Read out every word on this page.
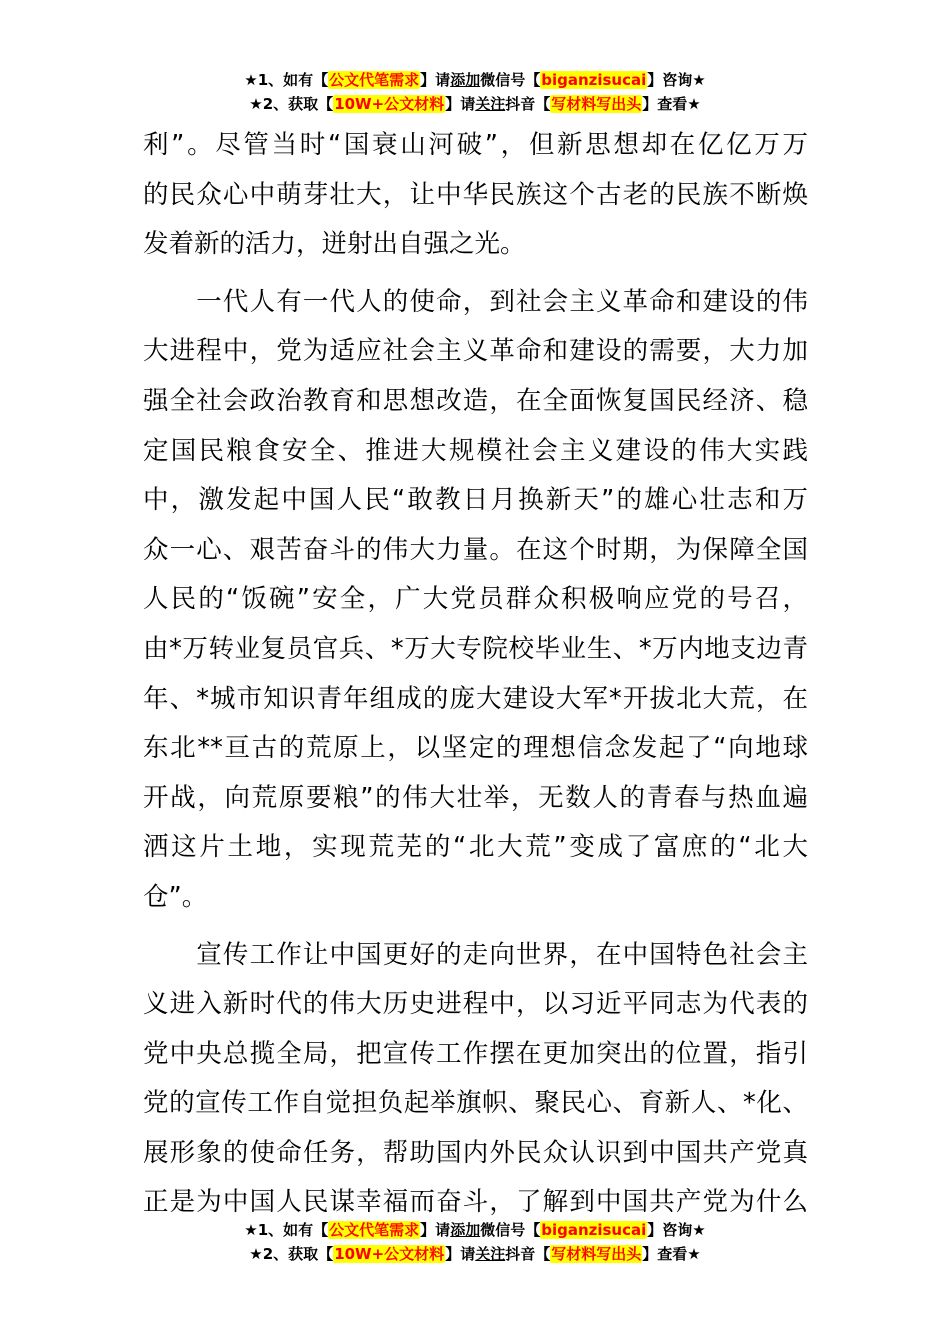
★1、如有【公文代笔需求】请添加微信号【biganzisucai】咨询★
★2、获取【10W+公文材料】请关注抖音【写材料写出头】查看★
利”。尽管当时“国衰山河破”，但新思想却在亿亿万万
的民众心中萌芽壮大，让中华民族这个古老的民族不断焕
发着新的活力，迸射出自强之光。
　　一代人有一代人的使命，到社会主义革命和建设的伟
大进程中，党为适应社会主义革命和建设的需要，大力加
强全社会政治教育和思想改造，在全面恢复国民经济、稳
定国民粮食安全、推进大规模社会主义建设的伟大实践
中，激发起中国人民“敢教日月换新天”的雄心壮志和万
众一心、艰苦奋斗的伟大力量。在这个时期，为保障全国
人民的“饭碗”安全，广大党员群众积极响应党的号召，
由*万转业复员官兵、*万大专院校毕业生、*万内地支边青
年、*城市知识青年组成的庞大建设大军*开拔北大荒，在
东北**亘古的荒原上，以坚定的理想信念发起了“向地球
开战，向荒原要粮”的伟大壮举，无数人的青春与热血遍
洒这片土地，实现荒芜的“北大荒”变成了富庶的“北大
仓”。
　　宣传工作让中国更好的走向世界，在中国特色社会主
义进入新时代的伟大历史进程中，以习近平同志为代表的
党中央总揽全局，把宣传工作摆在更加突出的位置，指引
党的宣传工作自觉担负起举旗帜、聚民心、育新人、*化、
展形象的使命任务，帮助国内外民众认识到中国共产党真
正是为中国人民谋幸福而奋斗，了解到中国共产党为什么
★1、如有【公文代笔需求】请添加微信号【biganzisucai】咨询★
★2、获取【10W+公文材料】请关注抖音【写材料写出头】查看★
